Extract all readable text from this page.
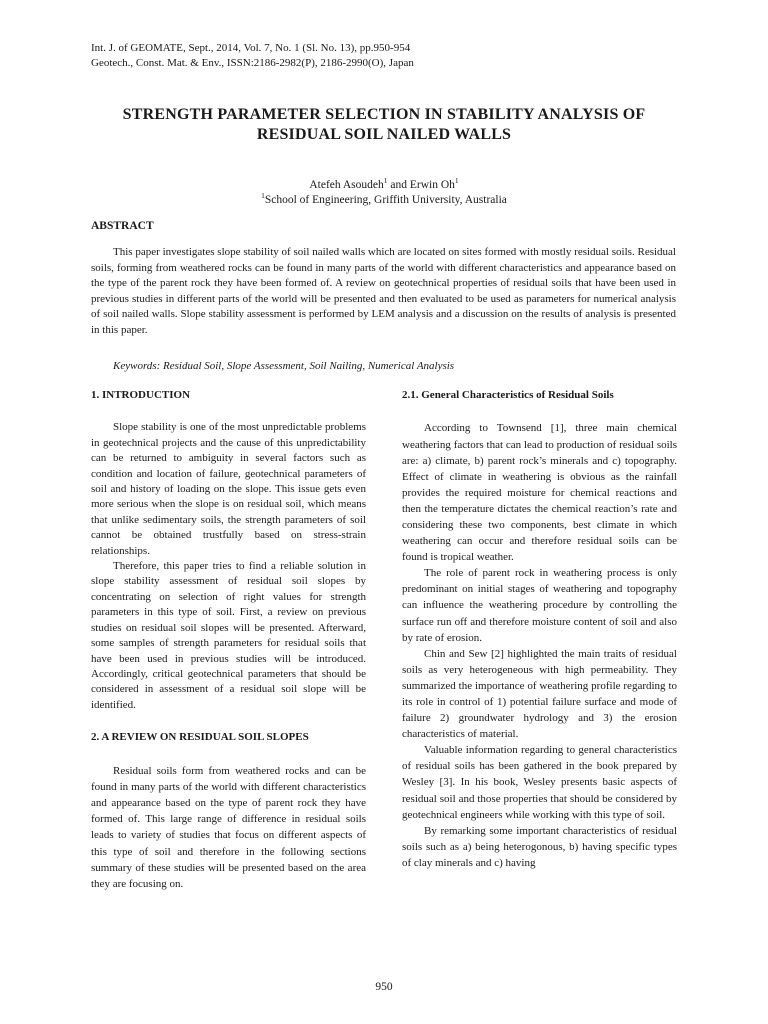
Int. J. of GEOMATE, Sept., 2014, Vol. 7, No. 1 (Sl. No. 13), pp.950-954
Geotech., Const. Mat. & Env., ISSN:2186-2982(P), 2186-2990(O), Japan
STRENGTH PARAMETER SELECTION IN STABILITY ANALYSIS OF
RESIDUAL SOIL NAILED WALLS
Atefeh Asoudeh$^1$ and Erwin Oh$^1$
$^1$School of Engineering, Griffith University, Australia
ABSTRACT
This paper investigates slope stability of soil nailed walls which are located on sites formed with mostly residual soils. Residual soils, forming from weathered rocks can be found in many parts of the world with different characteristics and appearance based on the type of the parent rock they have been formed of. A review on geotechnical properties of residual soils that have been used in previous studies in different parts of the world will be presented and then evaluated to be used as parameters for numerical analysis of soil nailed walls. Slope stability assessment is performed by LEM analysis and a discussion on the results of analysis is presented in this paper.
Keywords: Residual Soil, Slope Assessment, Soil Nailing, Numerical Analysis
1. INTRODUCTION

Slope stability is one of the most unpredictable problems in geotechnical projects and the cause of this unpredictability can be returned to ambiguity in several factors such as condition and location of failure, geotechnical parameters of soil and history of loading on the slope. This issue gets even more serious when the slope is on residual soil, which means that unlike sedimentary soils, the strength parameters of soil cannot be obtained trustfully based on stress-strain relationships.

Therefore, this paper tries to find a reliable solution in slope stability assessment of residual soil slopes by concentrating on selection of right values for strength parameters in this type of soil. First, a review on previous studies on residual soil slopes will be presented. Afterward, some samples of strength parameters for residual soils that have been used in previous studies will be introduced. Accordingly, critical geotechnical parameters that should be considered in assessment of a residual soil slope will be identified.

2. A REVIEW ON RESIDUAL SOIL SLOPES

Residual soils form from weathered rocks and can be found in many parts of the world with different characteristics and appearance based on the type of parent rock they have formed of. This large range of difference in residual soils leads to variety of studies that focus on different aspects of this type of soil and therefore in the following sections summary of these studies will be presented based on the area they are focusing on.

2.1. General Characteristics of Residual Soils

According to Townsend [1], three main chemical weathering factors that can lead to production of residual soils are: a) climate, b) parent rock’s minerals and c) topography. Effect of climate in weathering is obvious as the rainfall provides the required moisture for chemical reactions and then the temperature dictates the chemical reaction’s rate and considering these two components, best climate in which weathering can occur and therefore residual soils can be found is tropical weather.

The role of parent rock in weathering process is only predominant on initial stages of weathering and topography can influence the weathering procedure by controlling the surface run off and therefore moisture content of soil and also by rate of erosion.

Chin and Sew [2] highlighted the main traits of residual soils as very heterogeneous with high permeability. They summarized the importance of weathering profile regarding to its role in control of 1) potential failure surface and mode of failure 2) groundwater hydrology and 3) the erosion characteristics of material.

Valuable information regarding to general characteristics of residual soils has been gathered in the book prepared by Wesley [3]. In his book, Wesley presents basic aspects of residual soil and those properties that should be considered by geotechnical engineers while working with this type of soil.

By remarking some important characteristics of residual soils such as a) being heterogonous, b) having specific types of clay minerals and c) having

950
